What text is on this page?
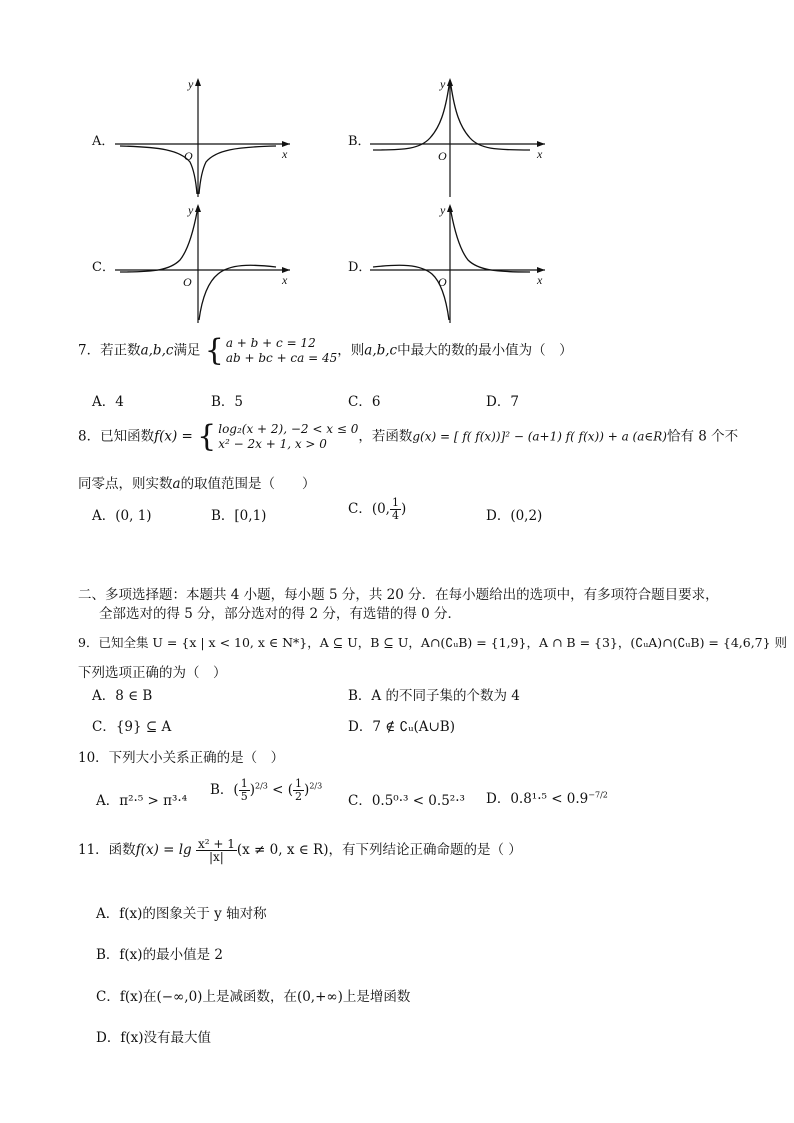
A．
x
y
O
B．
x
y
O
C．
x
y
O
D．
x
y
O
7．若正数a,b,c满足 { a + b + c = 12
ab + bc + ca = 45 ，则a,b,c中最大的数的最小值为（　）
A．4	B．5	C．6	D．7
8．已知函数f(x) = { log₂(x + 2), −2 < x ≤ 0
x² − 2x + 1, x > 0	，若函数g(x) = [ f( f(x))]² − (a+1) f( f(x)) + a (a∈R)恰有 8 个不
同零点，则实数a的取值范围是（　　）
A．(0, 1)	B．[0,1)	C．(0, $\frac{1}{4}$ )	D．(0,2)
二、多项选择题：本题共 4 小题，每小题 5 分，共 20 分．在每小题给出的选项中，有多项符合题目要求，
全部选对的得 5 分，部分选对的得 2 分，有选错的得 0 分．
9．已知全集 U = {x | x < 10, x ∈ N*}，A ⊆ U，B ⊆ U，A∩(∁ᵤB) = {1,9}，A ∩ B = {3}，(∁ᵤA)∩(∁ᵤB) = {4,6,7} 则
下列选项正确的为（　）
A．8 ∈ B	B．A 的不同子集的个数为 4
C．{9} ⊆ A	D．7 ∉ ∁ᵤ(A∪B)
10．下列大小关系正确的是（　）
A．π²·⁵ > π³·⁴
B．( $\frac{1}{5} )^{2/3}$ < ( $\frac{1}{2} )^{2/3}$
C．0.5⁰·³ < 0.5²·³ D．$0.8^1\cdot^5 < 0.9^{-7/2}$
11．函数$f(x) = \lg \frac{\text{x² + 1}}{|x|} (x \ne 0$, x ∈ R)，有下列结论正确命题的是（ ）
A．f(x)的图象关于 y 轴对称
B．f(x)的最小值是 2
C．f(x)在(−∞,0)上是减函数，在(0,+∞)上是增函数
D．f(x)没有最大值
